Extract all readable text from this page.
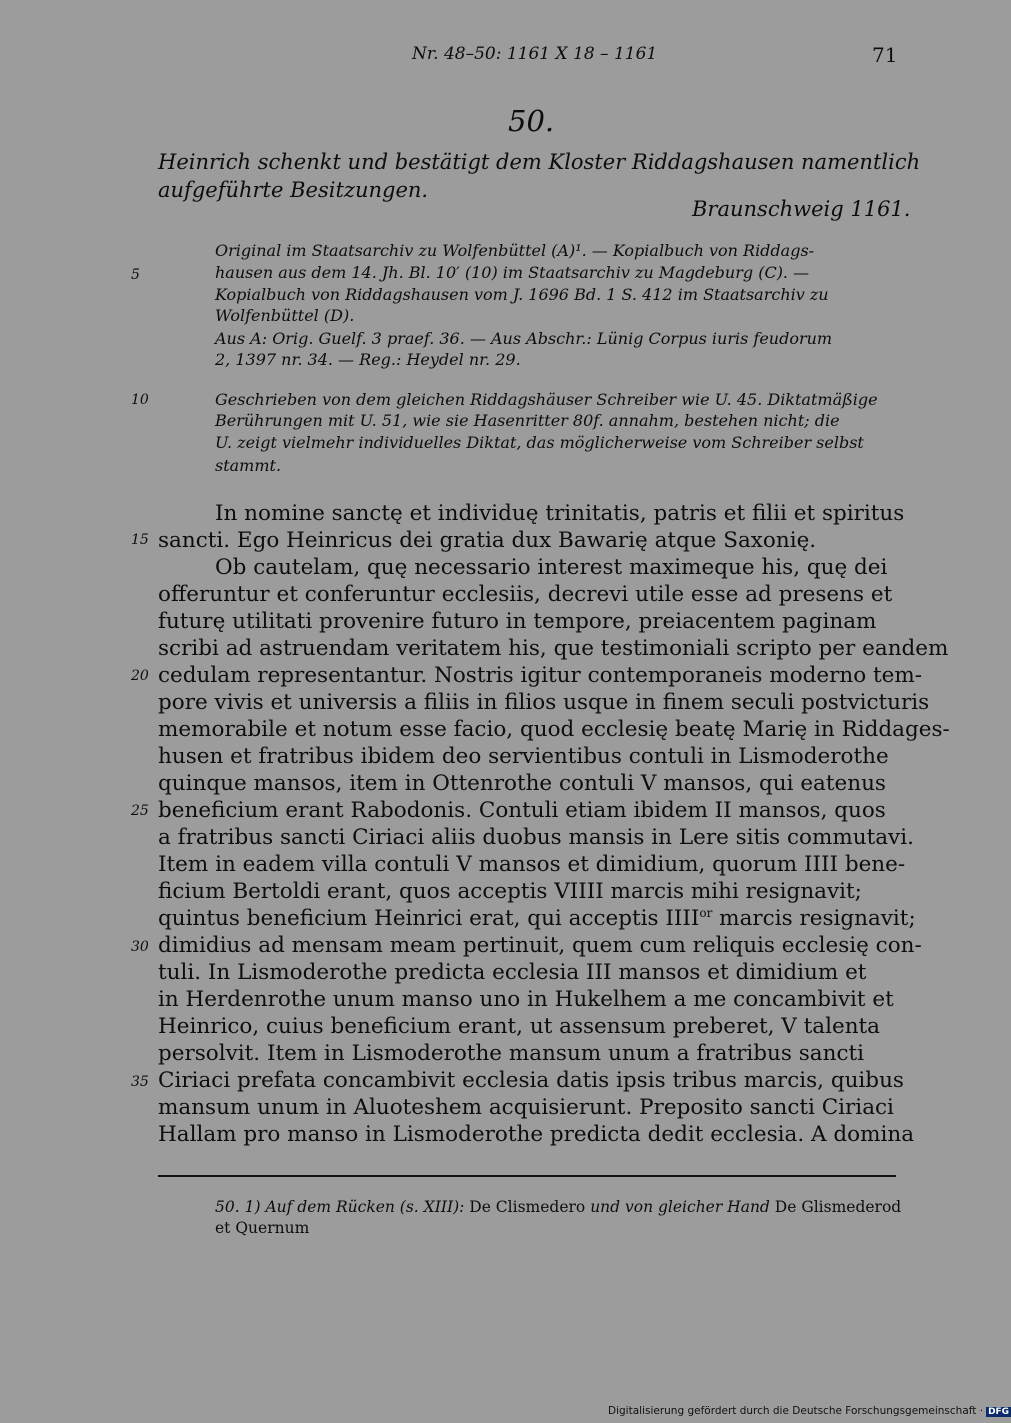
Nr. 48–50: 1161 X 18 – 1161	71
50.
Heinrich schenkt und bestätigt dem Kloster Riddagshausen namentlich
aufgeführte Besitzungen.
Braunschweig 1161.
Original im Staatsarchiv zu Wolfenbüttel (A)¹. — Kopialbuch von Riddags-
hausen aus dem 14. Jh. Bl. 10′ (10) im Staatsarchiv zu Magdeburg (C). —
Kopialbuch von Riddagshausen vom J. 1696 Bd. 1 S. 412 im Staatsarchiv zu
Wolfenbüttel (D).
Aus A: Orig. Guelf. 3 praef. 36. — Aus Abschr.: Lünig Corpus iuris feudorum
2, 1397 nr. 34. — Reg.: Heydel nr. 29.
Geschrieben von dem gleichen Riddagshäuser Schreiber wie U. 45. Diktatmäßige
Berührungen mit U. 51, wie sie Hasenritter 80f. annahm, bestehen nicht; die
U. zeigt vielmehr individuelles Diktat, das möglicherweise vom Schreiber selbst
stammt.
5
10
15
20
25
30
35
In nomine sanctę et individuę trinitatis, patris et filii et spiritus
sancti. Ego Heinricus dei gratia dux Bawarię atque Saxonię.
Ob cautelam, quę necessario interest maximeque his, quę dei
offeruntur et conferuntur ecclesiis, decrevi utile esse ad presens et
futurę utilitati provenire futuro in tempore, preiacentem paginam
scribi ad astruendam veritatem his, que testimoniali scripto per eandem
cedulam representantur. Nostris igitur contemporaneis moderno tem-
pore vivis et universis a filiis in filios usque in finem seculi postvicturis
memorabile et notum esse facio, quod ecclesię beatę Marię in Riddages-
husen et fratribus ibidem deo servientibus contuli in Lismoderothe
quinque mansos, item in Ottenrothe contuli V mansos, qui eatenus
beneficium erant Rabodonis. Contuli etiam ibidem II mansos, quos
a fratribus sancti Ciriaci aliis duobus mansis in Lere sitis commutavi.
Item in eadem villa contuli V mansos et dimidium, quorum IIII bene-
ficium Bertoldi erant, quos acceptis VIIII marcis mihi resignavit;
quintus beneficium Heinrici erat, qui acceptis $IIII^{or}$ marcis resignavit;
dimidius ad mensam meam pertinuit, quem cum reliquis ecclesię con-
tuli. In Lismoderothe predicta ecclesia III mansos et dimidium et
in Herdenrothe unum manso uno in Hukelhem a me concambivit et
Heinrico, cuius beneficium erant, ut assensum preberet, V talenta
persolvit. Item in Lismoderothe mansum unum a fratribus sancti
Ciriaci prefata concambivit ecclesia datis ipsis tribus marcis, quibus
mansum unum in Aluoteshem acquisierunt. Preposito sancti Ciriaci
Hallam pro manso in Lismoderothe predicta dedit ecclesia. A domina
50. 1) Auf dem Rücken (s. XIII): De Clismedero und von gleicher Hand De Glismederod
et Quernum
Digitalisierung gefördert durch die Deutsche Forschungsgemeinschaft · DFG
